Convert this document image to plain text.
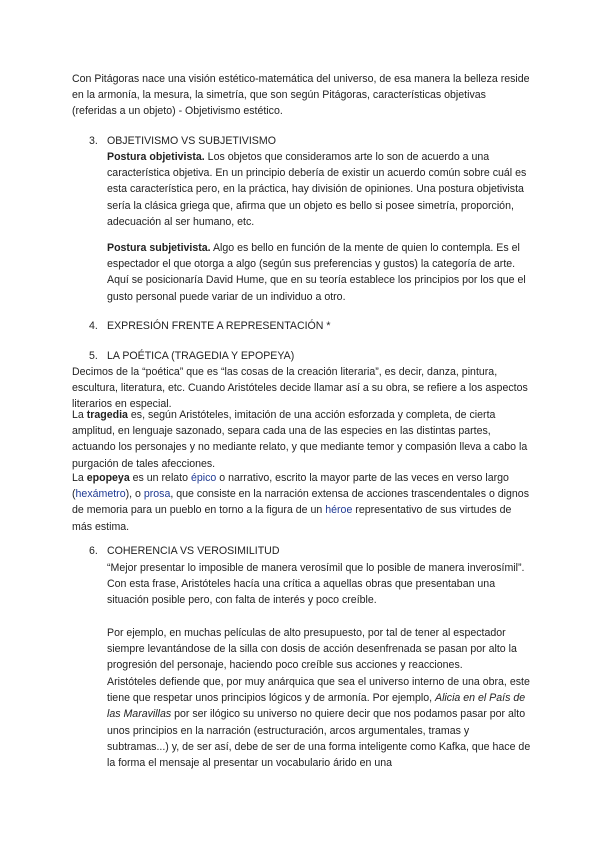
Con Pitágoras nace una visión estético-matemática del universo, de esa manera la belleza reside en la armonía, la mesura, la simetría, que son según Pitágoras, características objetivas (referidas a un objeto) - Objetivismo estético.

3. OBJETIVISMO VS SUBJETIVISMO

Postura objetivista. Los objetos que consideramos arte lo son de acuerdo a una característica objetiva. En un principio debería de existir un acuerdo común sobre cuál es esta característica pero, en la práctica, hay división de opiniones. Una postura objetivista sería la clásica griega que, afirma que un objeto es bello si posee simetría, proporción, adecuación al ser humano, etc.

Postura subjetivista. Algo es bello en función de la mente de quien lo contempla. Es el espectador el que otorga a algo (según sus preferencias y gustos) la categoría de arte. Aquí se posicionaría David Hume, que en su teoría establece los principios por los que el gusto personal puede variar de un individuo a otro.

4. EXPRESIÓN FRENTE A REPRESENTACIÓN *
5. LA POÉTICA (TRAGEDIA Y EPOPEYA)

Decimos de la “poética” que es “las cosas de la creación literaria”, es decir, danza, pintura, escultura, literatura, etc. Cuando Aristóteles decide llamar así a su obra, se refiere a los aspectos literarios en especial.

La tragedia es, según Aristóteles, imitación de una acción esforzada y completa, de cierta amplitud, en lenguaje sazonado, separa cada una de las especies en las distintas partes, actuando los personajes y no mediante relato, y que mediante temor y compasión lleva a cabo la purgación de tales afecciones.

La epopeya es un relato épico o narrativo, escrito la mayor parte de las veces en verso largo (hexámetro), o prosa, que consiste en la narración extensa de acciones trascendentales o dignos de memoria para un pueblo en torno a la figura de un héroe representativo de sus virtudes de más estima.

6. COHERENCIA VS VEROSIMILITUD

“Mejor presentar lo imposible de manera verosímil que lo posible de manera inverosímil”. Con esta frase, Aristóteles hacía una crítica a aquellas obras que presentaban una situación posible pero, con falta de interés y poco creíble.

Por ejemplo, en muchas películas de alto presupuesto, por tal de tener al espectador siempre levantándose de la silla con dosis de acción desenfrenada se pasan por alto la progresión del personaje, haciendo poco creíble sus acciones y reacciones.

Aristóteles defiende que, por muy anárquica que sea el universo interno de una obra, este tiene que respetar unos principios lógicos y de armonía. Por ejemplo, Alicia en el País de las Maravillas por ser ilógico su universo no quiere decir que nos podamos pasar por alto unos principios en la narración (estructuración, arcos argumentales, tramas y subtramas...) y, de ser así, debe de ser de una forma inteligente como Kafka, que hace de la forma el mensaje al presentar un vocabulario árido en una
